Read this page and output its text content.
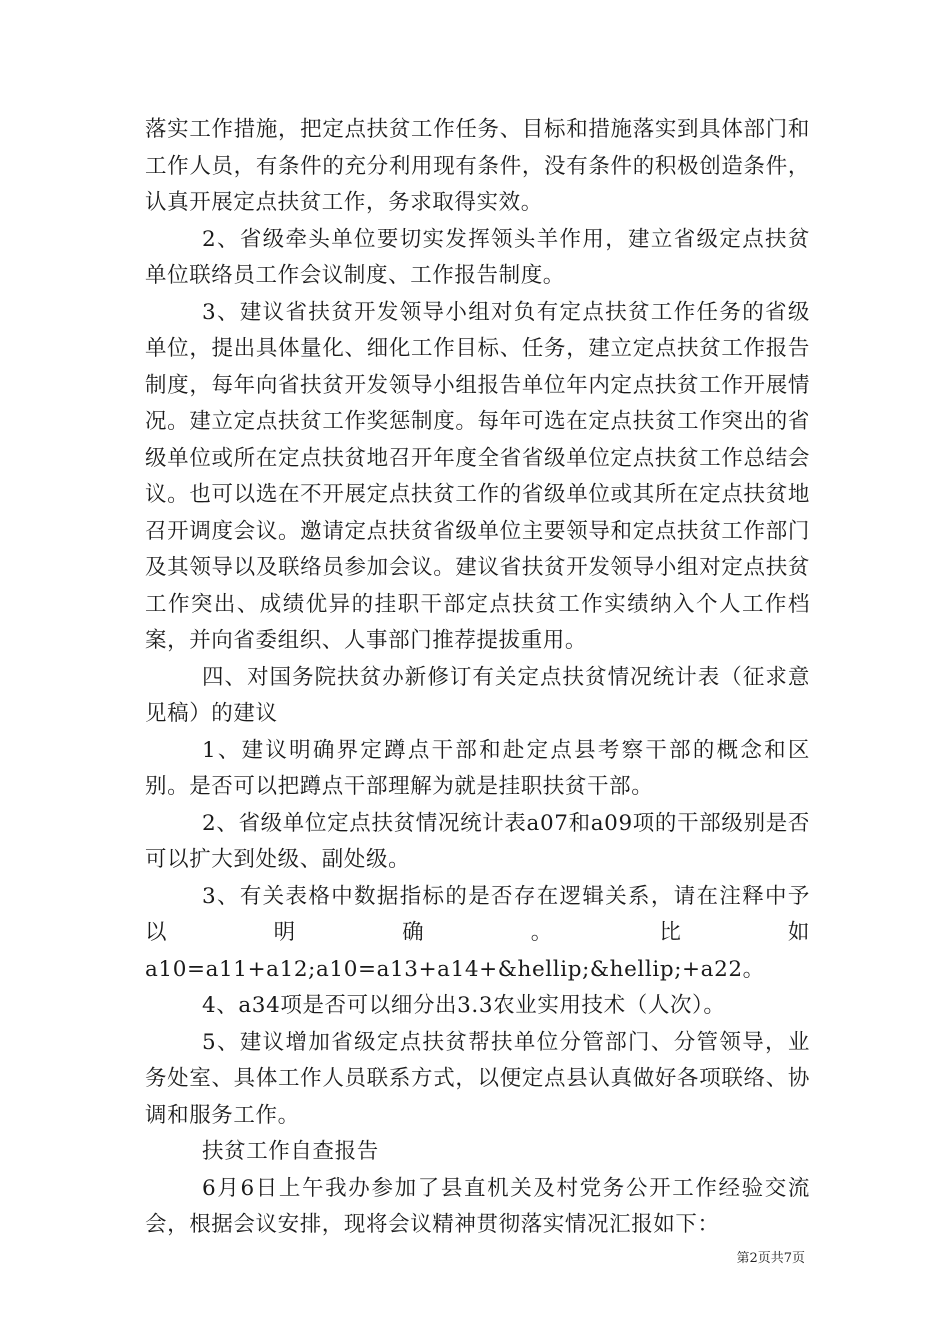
落实工作措施，把定点扶贫工作任务、目标和措施落实到具体部门和工作人员，有条件的充分利用现有条件，没有条件的积极创造条件，认真开展定点扶贫工作，务求取得实效。

2、省级牵头单位要切实发挥领头羊作用，建立省级定点扶贫单位联络员工作会议制度、工作报告制度。

3、建议省扶贫开发领导小组对负有定点扶贫工作任务的省级单位，提出具体量化、细化工作目标、任务，建立定点扶贫工作报告制度，每年向省扶贫开发领导小组报告单位年内定点扶贫工作开展情况。建立定点扶贫工作奖惩制度。每年可选在定点扶贫工作突出的省级单位或所在定点扶贫地召开年度全省省级单位定点扶贫工作总结会议。也可以选在不开展定点扶贫工作的省级单位或其所在定点扶贫地召开调度会议。邀请定点扶贫省级单位主要领导和定点扶贫工作部门及其领导以及联络员参加会议。建议省扶贫开发领导小组对定点扶贫工作突出、成绩优异的挂职干部定点扶贫工作实绩纳入个人工作档案，并向省委组织、人事部门推荐提拔重用。

四、对国务院扶贫办新修订有关定点扶贫情况统计表（征求意见稿）的建议

1、建议明确界定蹲点干部和赴定点县考察干部的概念和区别。是否可以把蹲点干部理解为就是挂职扶贫干部。

2、省级单位定点扶贫情况统计表a07和a09项的干部级别是否可以扩大到处级、副处级。

3、有关表格中数据指标的是否存在逻辑关系，请在注释中予以明确。比如a10=a11+a12;a10=a13+a14+&hellip;&hellip;+a22。

4、a34项是否可以细分出3.3农业实用技术（人次）。

5、建议增加省级定点扶贫帮扶单位分管部门、分管领导，业务处室、具体工作人员联系方式，以便定点县认真做好各项联络、协调和服务工作。

扶贫工作自查报告

6月6日上午我办参加了县直机关及村党务公开工作经验交流会，根据会议安排，现将会议精神贯彻落实情况汇报如下：

第2页共7页
